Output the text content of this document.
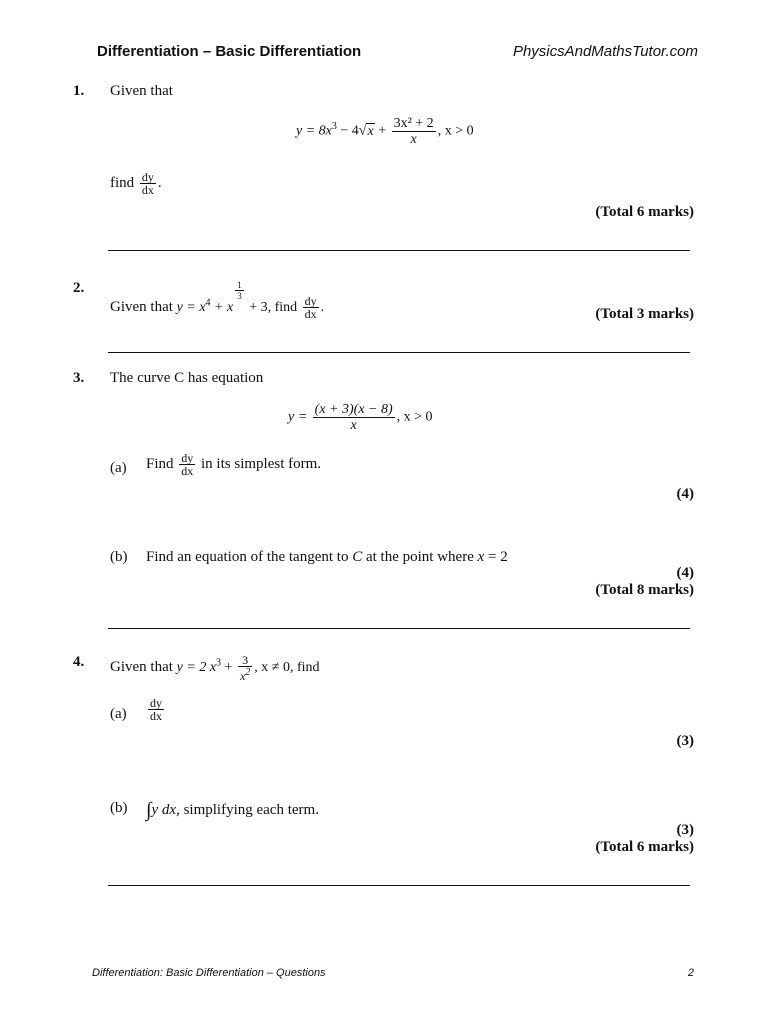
Differentiation – Basic Differentiation	PhysicsAndMathsTutor.com
1. Given that
$y = 8x^3 - 4√x + \frac{\text{3x² + 2}}{x}$ , x > 0
find $\frac{dy}{dx}$ .
(Total 6 marks)
2.
Given that $y = x^4 + x$
$\frac{1}{3}$
+ 3, find $\frac{dy}{dx}$ .	(Total 3 marks)
3. The curve C has equation
$y = \frac{(x + 3)(x - 8)}{x}$ , x > 0
(a) Find $\frac{dy}{dx}$ in its simplest form.
(4)
(b) Find an equation of the tangent to C at the point where x = 2
(4)
(Total 8 marks)
4. Given that y = 2 $x^3 + \frac{3}{x^2}$ , x ≠ 0, find
$(a) \frac{dy}{dx}$
(3)
(b) ∫y dx, simplifying each term.
(3)
(Total 6 marks)
Differentiation: Basic Differentiation – Questions	2
